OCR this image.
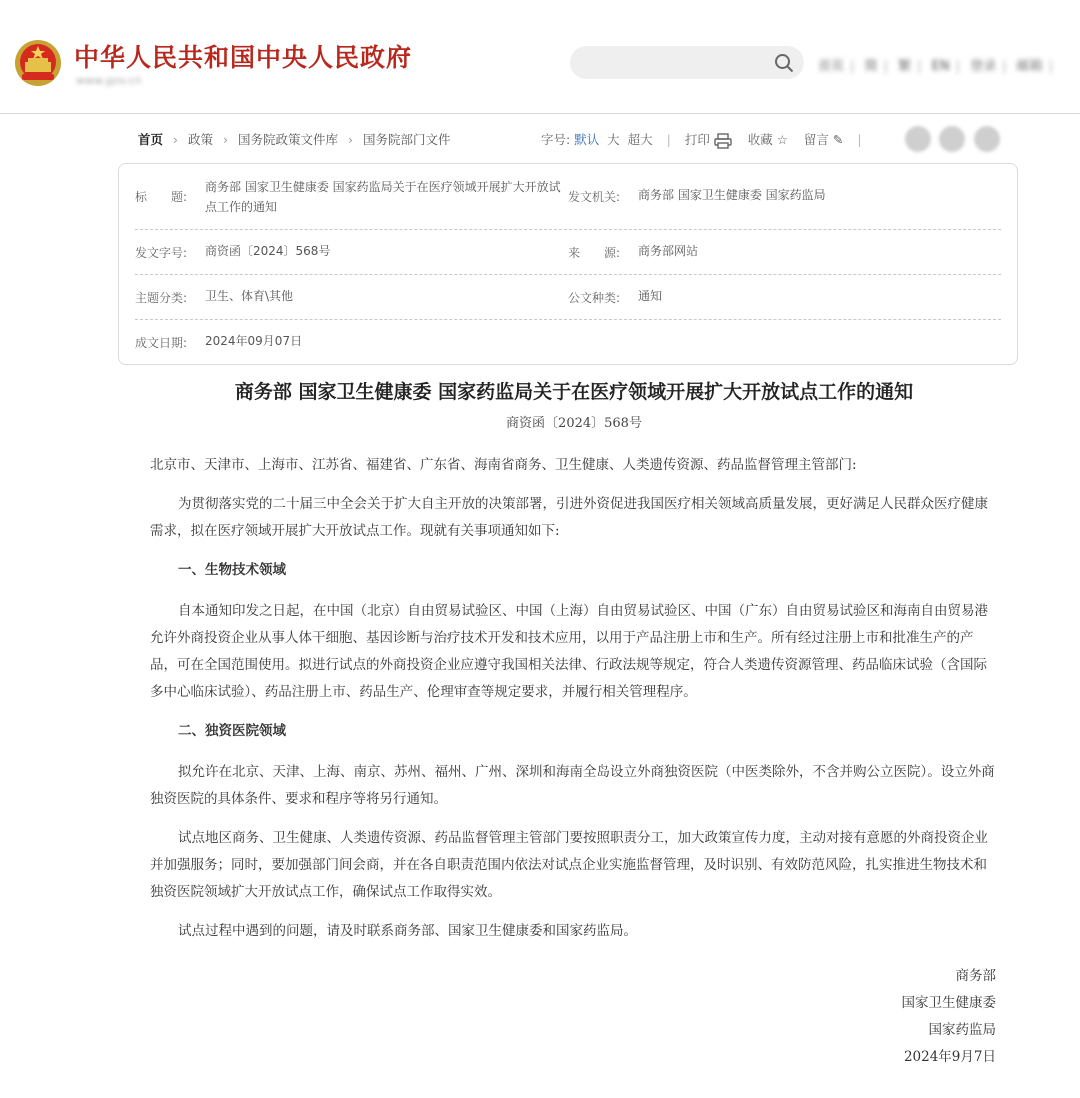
中华人民共和国中央人民政府
www.gov.cn
首页 | 简 | 繁 | EN | 登录 | 邮箱 |
首页 › 政策 › 国务院政策文件库 › 国务院部门文件	字号: 默认 大 超大 | 打印	收藏 ☆ 留言 ✎ |
标　　题:
商务部 国家卫生健康委 国家药监局关于在医疗领域开展扩大开放试点工作的通知
发文机关: 商务部 国家卫生健康委 国家药监局
发文字号: 商资函〔2024〕568号	来　　源: 商务部网站
主题分类: 卫生、体育\其他	公文种类: 通知
成文日期: 2024年09月07日
商务部 国家卫生健康委 国家药监局关于在医疗领域开展扩大开放试点工作的通知
商资函〔2024〕568号

北京市、天津市、上海市、江苏省、福建省、广东省、海南省商务、卫生健康、人类遗传资源、药品监督管理主管部门:

为贯彻落实党的二十届三中全会关于扩大自主开放的决策部署，引进外资促进我国医疗相关领域高质量发展，更好满足人民群众医疗健康需求，拟在医疗领域开展扩大开放试点工作。现就有关事项通知如下:

一、生物技术领域

自本通知印发之日起，在中国（北京）自由贸易试验区、中国（上海）自由贸易试验区、中国（广东）自由贸易试验区和海南自由贸易港允许外商投资企业从事人体干细胞、基因诊断与治疗技术开发和技术应用，以用于产品注册上市和生产。所有经过注册上市和批准生产的产品，可在全国范围使用。拟进行试点的外商投资企业应遵守我国相关法律、行政法规等规定，符合人类遗传资源管理、药品临床试验（含国际多中心临床试验）、药品注册上市、药品生产、伦理审查等规定要求，并履行相关管理程序。

二、独资医院领域

拟允许在北京、天津、上海、南京、苏州、福州、广州、深圳和海南全岛设立外商独资医院（中医类除外，不含并购公立医院）。设立外商独资医院的具体条件、要求和程序等将另行通知。

试点地区商务、卫生健康、人类遗传资源、药品监督管理主管部门要按照职责分工，加大政策宣传力度，主动对接有意愿的外商投资企业并加强服务；同时，要加强部门间会商，并在各自职责范围内依法对试点企业实施监督管理，及时识别、有效防范风险，扎实推进生物技术和独资医院领域扩大开放试点工作，确保试点工作取得实效。

试点过程中遇到的问题，请及时联系商务部、国家卫生健康委和国家药监局。

商务部
国家卫生健康委
国家药监局
2024年9月7日
